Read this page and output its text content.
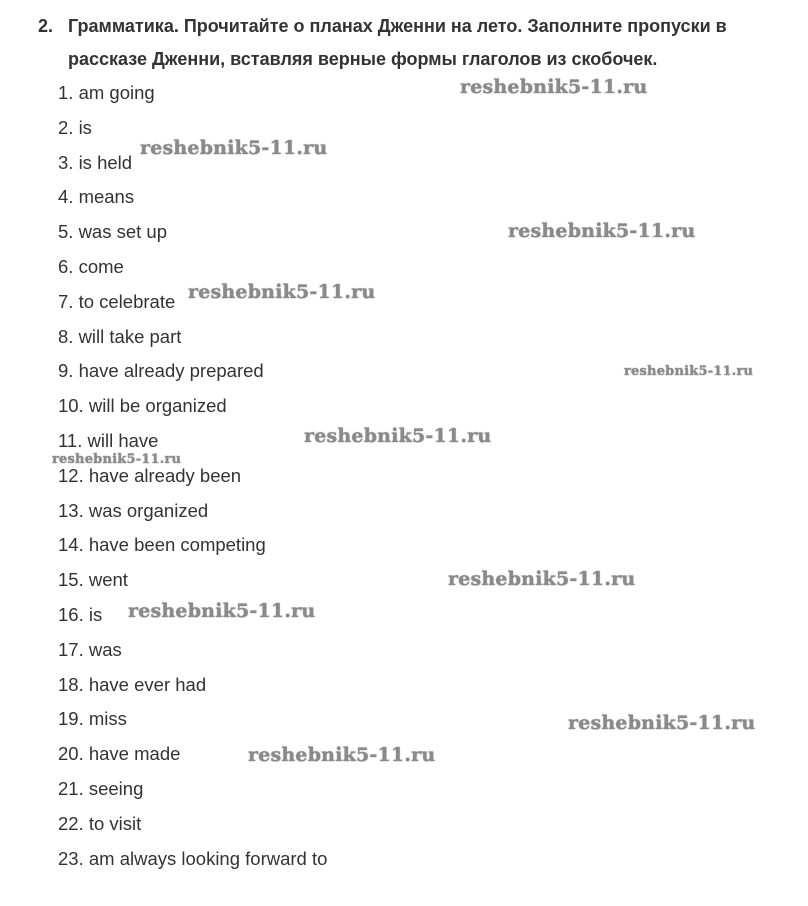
2. Грамматика. Прочитайте о планах Дженни на лето. Заполните пропуски в рассказе Дженни, вставляя верные формы глаголов из скобочек.
1. am going
2. is
3. is held
4. means
5. was set up
6. come
7. to celebrate
8. will take part
9. have already prepared
10. will be organized
11. will have
12. have already been
13. was organized
14. have been competing
15. went
16. is
17. was
18. have ever had
19. miss
20. have made
21. seeing
22. to visit
23. am always looking forward to
reshebnik5-11.ru
reshebnik5-11.ru
reshebnik5-11.ru
reshebnik5-11.ru
reshebnik5-11.ru
reshebnik5-11.ru
reshebnik5-11.ru
reshebnik5-11.ru
reshebnik5-11.ru
reshebnik5-11.ru
reshebnik5-11.ru
